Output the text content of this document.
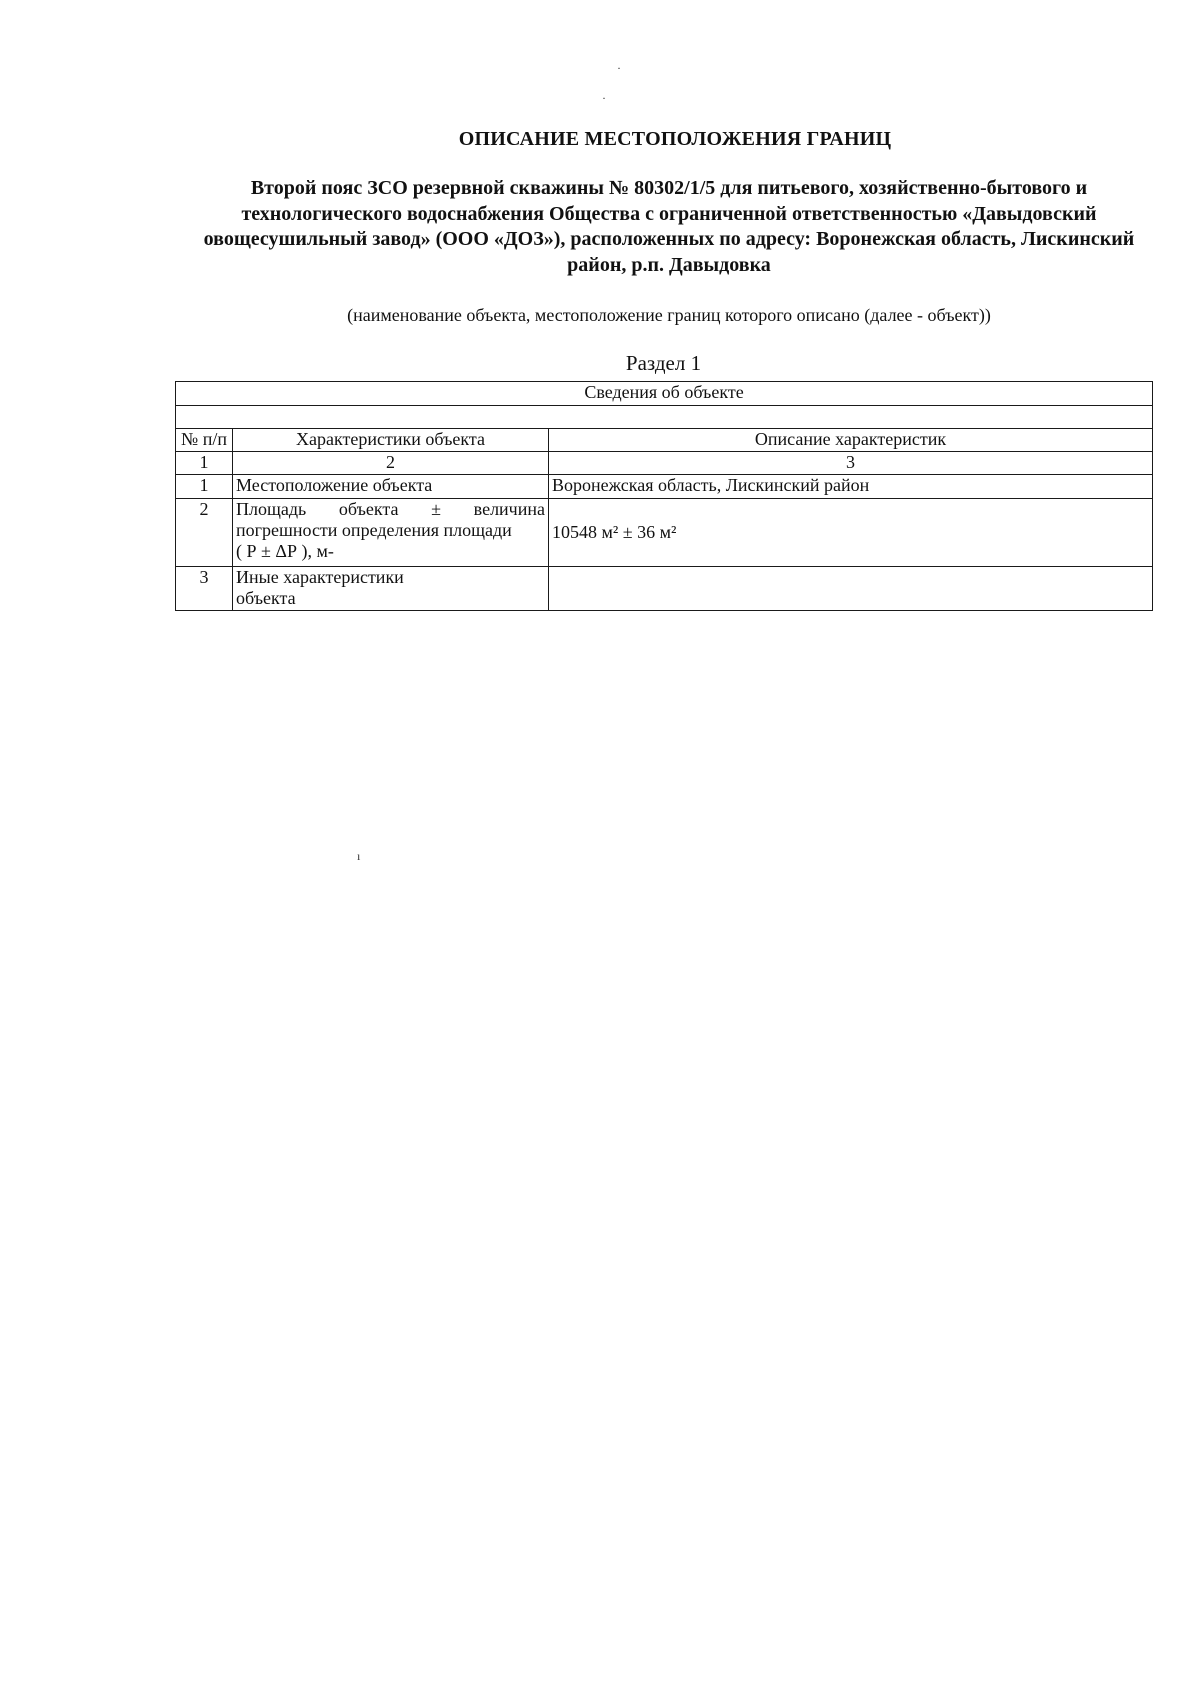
·
·
ı
ОПИСАНИЕ МЕСТОПОЛОЖЕНИЯ ГРАНИЦ
Второй пояс ЗСО резервной скважины № 80302/1/5 для питьевого, хозяйственно-бытового и технологического водоснабжения Общества с ограниченной ответственностью «Давыдовский овощесушильный завод» (ООО «ДОЗ»), расположенных по адресу: Воронежская область, Лискинский район, р.п. Давыдовка
(наименование объекта, местоположение границ которого описано (далее - объект))
Раздел 1
Сведения об объекте		

№ п/п	Характеристики объекта	Описание характеристик
1	2	3
1	Местоположение объекта	Воронежская область, Лискинский район
2	Площадь объекта ± величина
погрешности определения площади
( Р ± ΔР ), м-	10548 м² ± 36 м²
3	Иные характеристики
объекта	
